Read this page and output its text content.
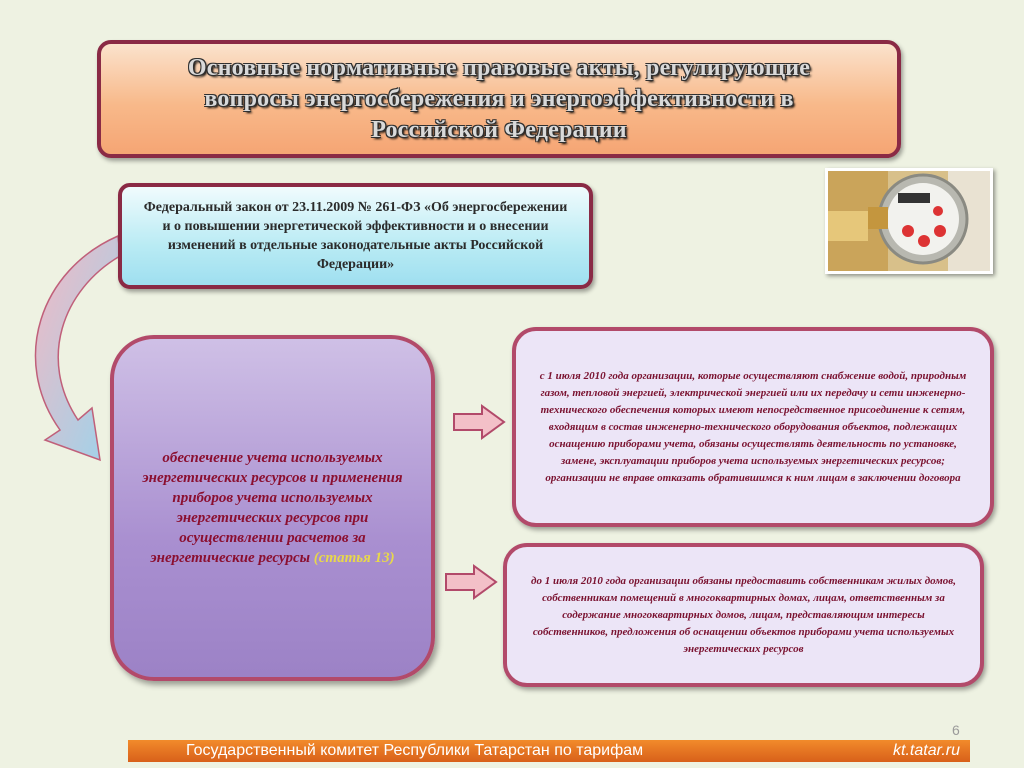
Основные нормативные правовые акты, регулирующие вопросы энергосбережения и энергоэффективности в Российской Федерации

Федеральный закон от 23.11.2009 № 261-ФЗ «Об энергосбережении и о повышении энергетической эффективности и о внесении изменений в отдельные законодательные акты Российской Федерации»

обеспечение учета используемых энергетических ресурсов и применения приборов учета используемых энергетических ресурсов при осуществлении расчетов за энергетические ресурсы (статья 13)

с 1 июля 2010 года организации, которые осуществляют снабжение водой, природным газом, тепловой энергией, электрической энергией или их передачу и сети инженерно-технического обеспечения которых имеют непосредственное присоединение к сетям, входящим в состав инженерно-технического оборудования объектов, подлежащих оснащению приборами учета, обязаны осуществлять деятельность по установке, замене, эксплуатации приборов учета используемых энергетических ресурсов; организации не вправе отказать обратившимся к ним лицам в заключении договора

до 1 июля 2010 года организации обязаны предоставить собственникам жилых домов, собственникам помещений в многоквартирных домах, лицам, ответственным за содержание многоквартирных домов, лицам, представляющим интересы собственников, предложения об оснащении объектов приборами учета используемых энергетических ресурсов

6
Государственный комитет Республики Татарстан по тарифам	kt.tatar.ru
